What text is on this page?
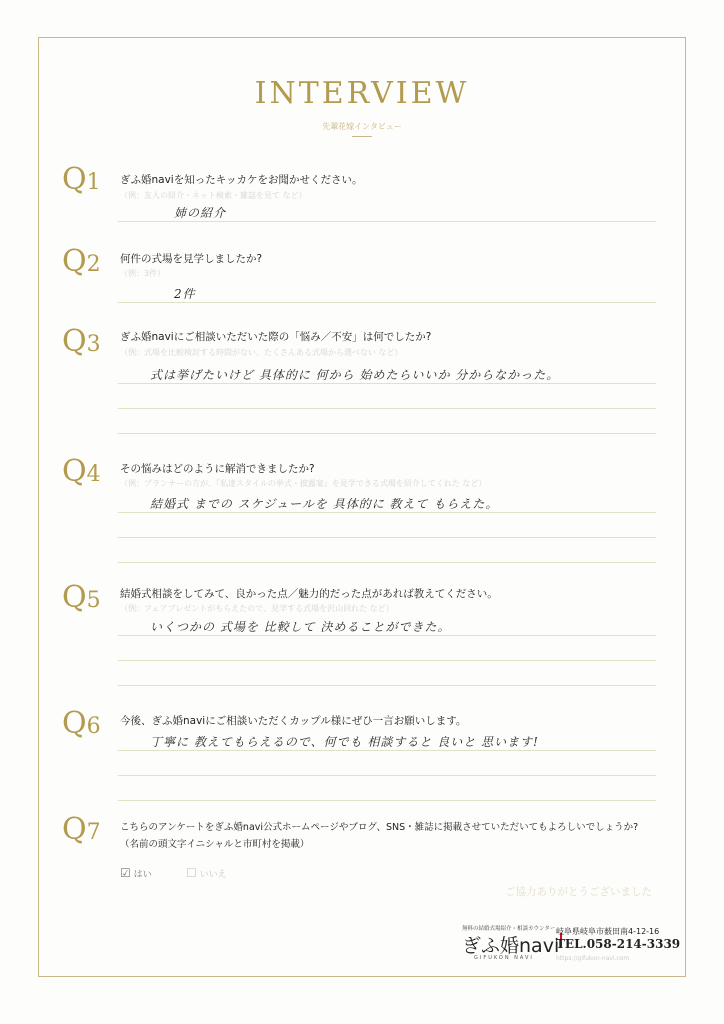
INTERVIEW
先輩花嫁インタビュー
Q1 ぎふ婚naviを知ったキッカケをお聞かせください。
（例：友人の紹介・ネット検索・雑誌を見て など）
姉の紹介
Q2 何件の式場を見学しましたか?
（例：3件）
2件
Q3 ぎふ婚naviにご相談いただいた際の「悩み／不安」は何でしたか?
（例：式場を比較検討する時間がない、たくさんある式場から選べない など）
式は挙げたいけど 具体的に 何から 始めたらいいか 分からなかった。
Q4 その悩みはどのように解消できましたか?
（例：プランナーの方が、『私達スタイルの挙式・披露宴』を見学できる式場を紹介してくれた など）
結婚式 までの スケジュールを 具体的に 教えて もらえた。
Q5 結婚式相談をしてみて、良かった点／魅力的だった点があれば教えてください。
（例：フェアプレゼントがもらえたので、見学する式場を沢山回れた など）
いくつかの 式場を 比較して 決めることができた。
Q6 今後、ぎふ婚naviにご相談いただくカップル様にぜひ一言お願いします。
丁寧に 教えてもらえるので、何でも 相談すると 良いと 思います!
Q7 こちらのアンケートをぎふ婚navi公式ホームページやブログ、SNS・雑誌に掲載させていただいてもよろしいでしょうか?
（名前の頭文字イニシャルと市町村を掲載）
☑ はい	☐ いいえ
ご協力ありがとうございました
無料の結婚式場紹介・相談カウンター
ぎふ婚navi
GIFUKON NAVI
岐阜県岐阜市薮田南4-12-16
TEL.058-214-3339
https://gifukon-navi.com
